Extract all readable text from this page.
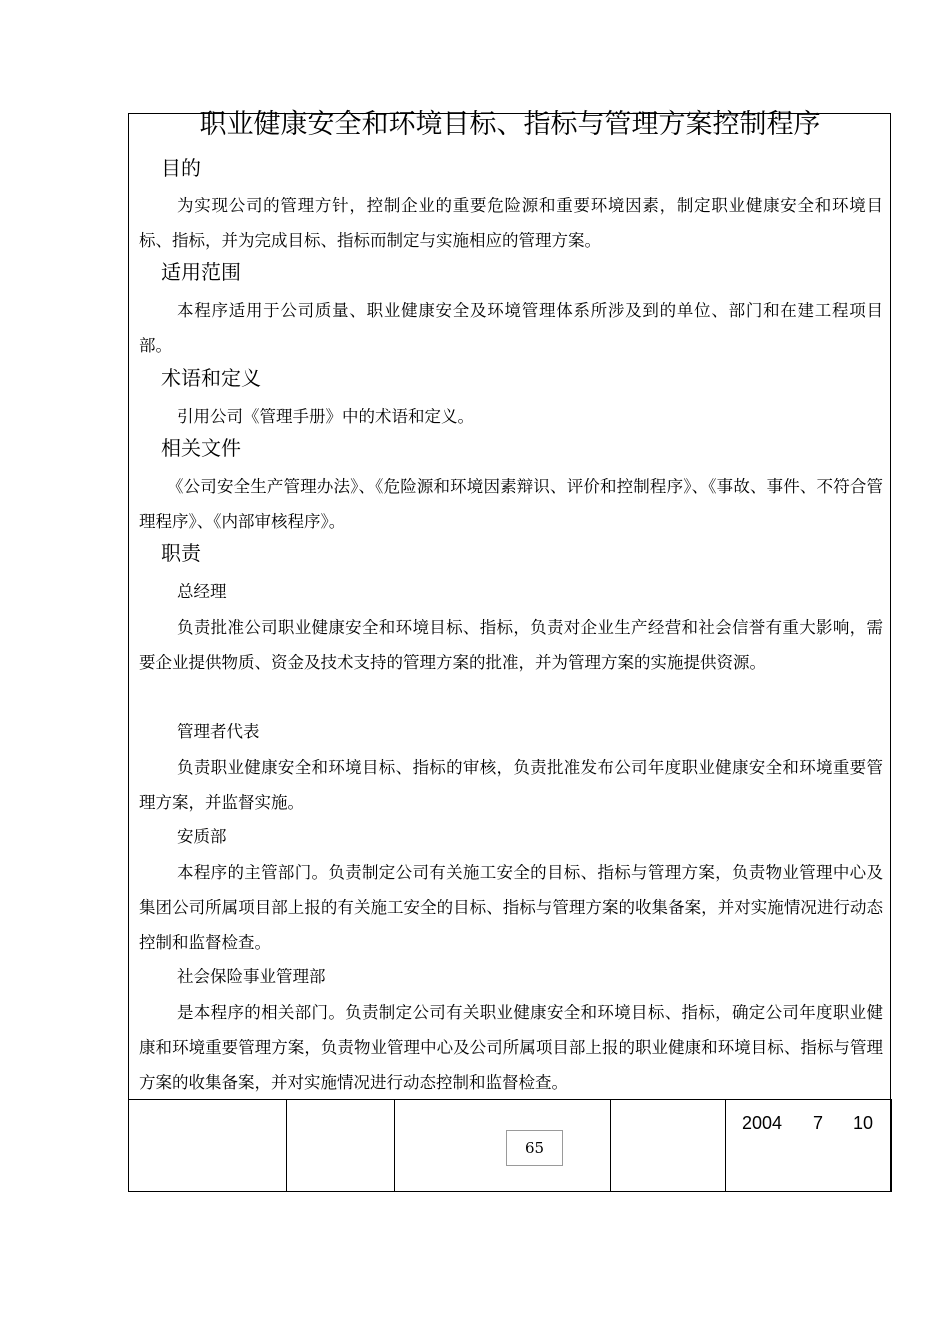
职业健康安全和环境目标、指标与管理方案控制程序
目的

为实现公司的管理方针，控制企业的重要危险源和重要环境因素，制定职业健康安全和环境目标、指标，并为完成目标、指标而制定与实施相应的管理方案。

适用范围

本程序适用于公司质量、职业健康安全及环境管理体系所涉及到的单位、部门和在建工程项目部。

术语和定义

引用公司《管理手册》中的术语和定义。

相关文件

《公司安全生产管理办法》、《危险源和环境因素辩识、评价和控制程序》、《事故、事件、不符合管理程序》、《内部审核程序》。

职责
总经理

负责批准公司职业健康安全和环境目标、指标，负责对企业生产经营和社会信誉有重大影响，需要企业提供物质、资金及技术支持的管理方案的批准，并为管理方案的实施提供资源。

管理者代表

负责职业健康安全和环境目标、指标的审核，负责批准发布公司年度职业健康安全和环境重要管理方案，并监督实施。

安质部

本程序的主管部门。负责制定公司有关施工安全的目标、指标与管理方案，负责物业管理中心及集团公司所属项目部上报的有关施工安全的目标、指标与管理方案的收集备案，并对实施情况进行动态控制和监督检查。

社会保险事业管理部

是本程序的相关部门。负责制定公司有关职业健康安全和环境目标、指标，确定公司年度职业健康和环境重要管理方案，负责物业管理中心及公司所属项目部上报的职业健康和环境目标、指标与管理方案的收集备案，并对实施情况进行动态控制和监督检查。

65

2004 7 10
